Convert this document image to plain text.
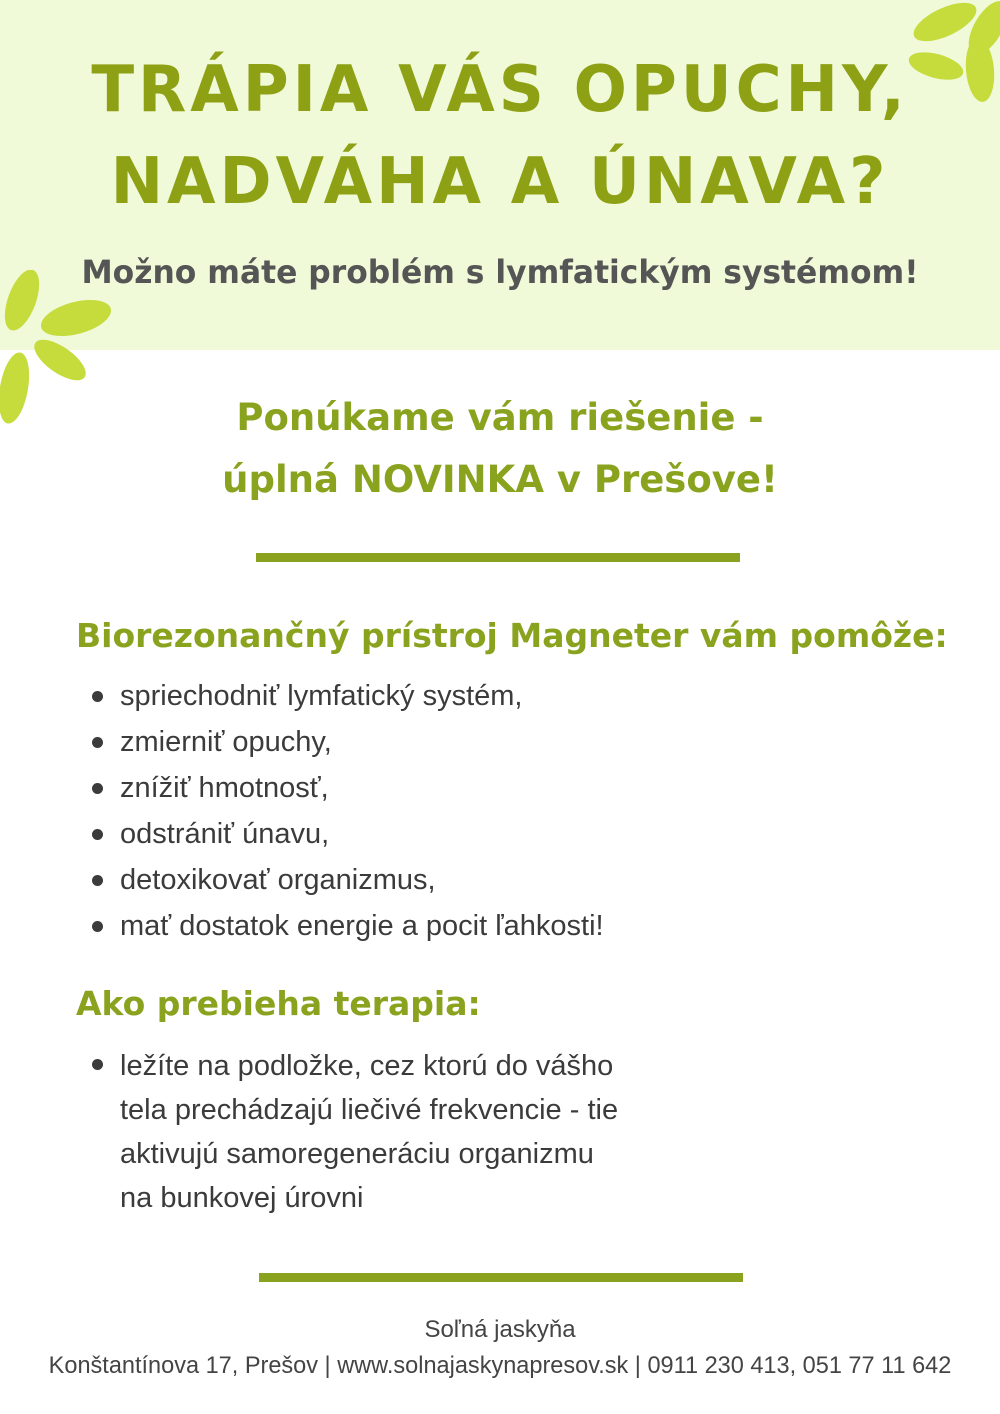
TRÁPIA VÁS OPUCHY,
NADVÁHA A ÚNAVA?

Možno máte problém s lymfatickým systémom!

Ponúkame vám riešenie -

úplná NOVINKA v Prešove!

Biorezonančný prístroj Magneter vám pomôže:
spriechodniť lymfatický systém,
zmierniť opuchy,
znížiť hmotnosť,
odstrániť únavu,
detoxikovať organizmus,
mať dostatok energie a pocit ľahkosti!
Ako prebieha terapia:
ležíte na podložke, cez ktorú do vášho
tela prechádzajú liečivé frekvencie - tie
aktivujú samoregeneráciu organizmu
na bunkovej úrovni

Soľná jaskyňa

Konštantínova 17, Prešov | www.solnajaskynapresov.sk | 0911 230 413, 051 77 11 642
